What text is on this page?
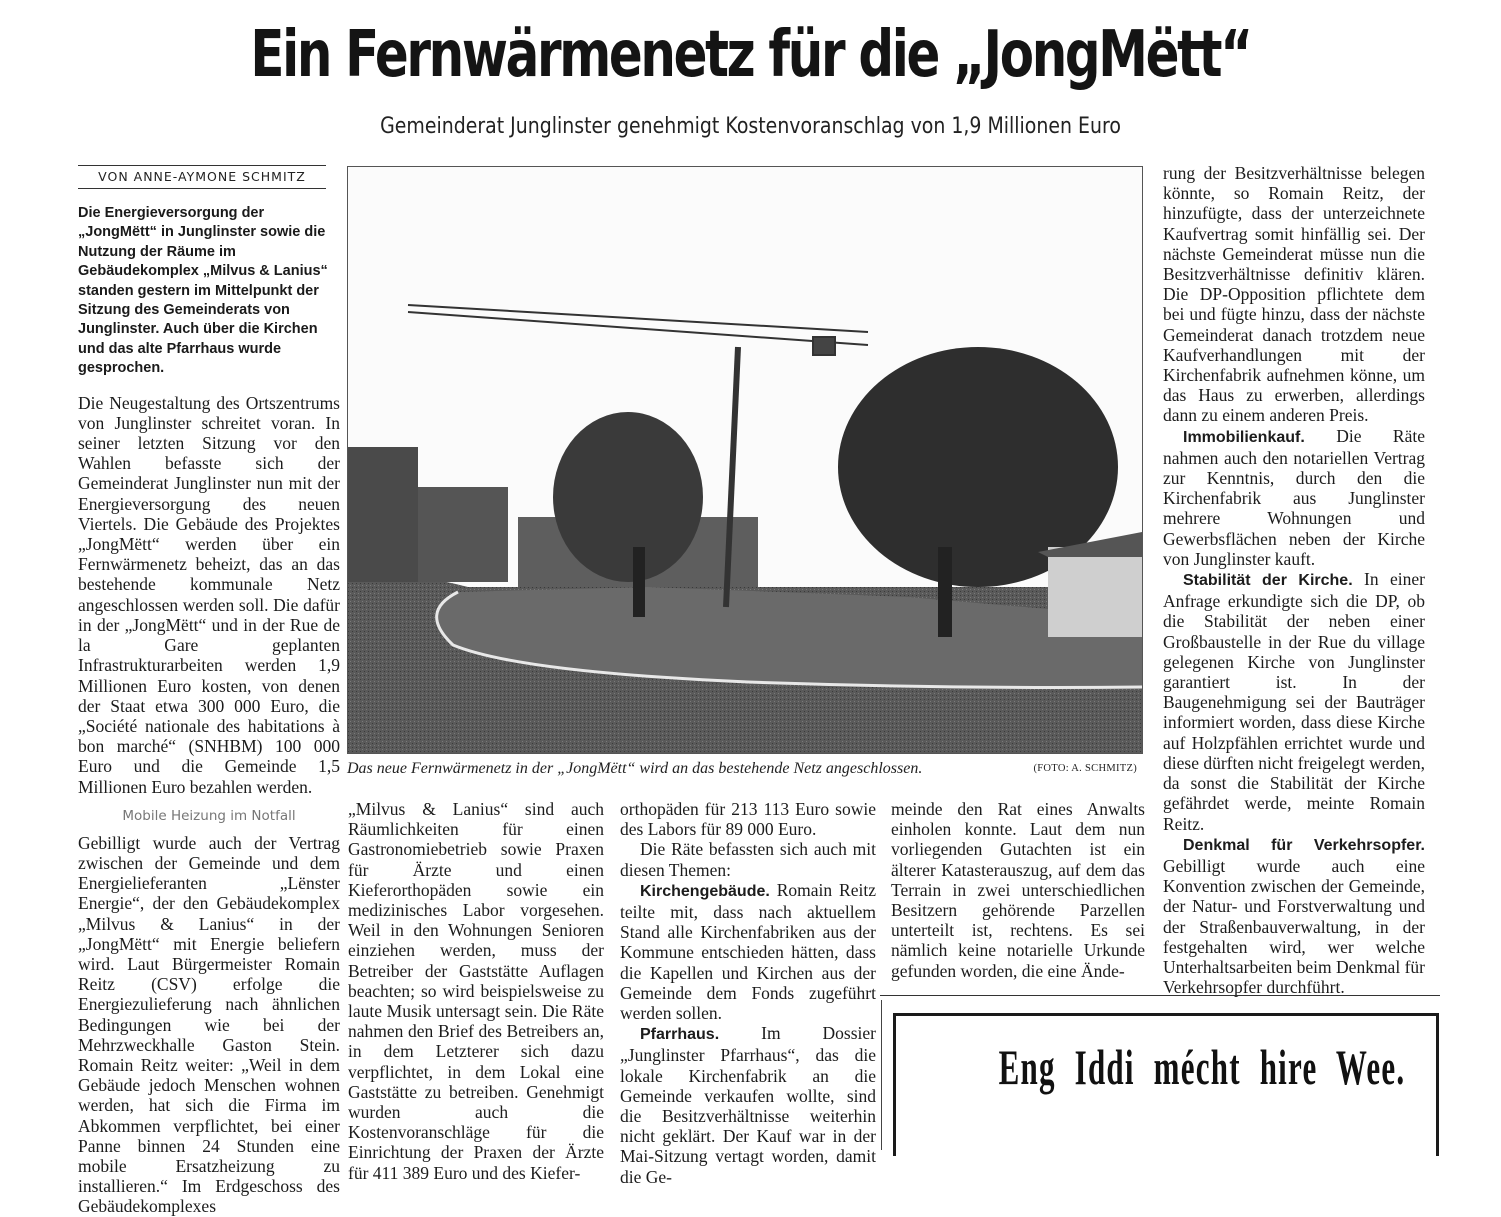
Ein Fernwärmenetz für die „JongMëtt“
Gemeinderat Junglinster genehmigt Kostenvoranschlag von 1,9 Millionen Euro
VON ANNE-AYMONE SCHMITZ

Die Energieversorgung der „JongMëtt“ in Junglinster sowie die Nutzung der Räume im Gebäudekomplex „Milvus & Lanius“ standen gestern im Mittelpunkt der Sitzung des Gemeinderats von Junglinster. Auch über die Kirchen und das alte Pfarrhaus wurde gesprochen.

Die Neugestaltung des Ortszentrums von Junglinster schreitet voran. In seiner letzten Sitzung vor den Wahlen befasste sich der Gemeinderat Junglinster nun mit der Energieversorgung des neuen Viertels. Die Gebäude des Projektes „JongMëtt“ werden über ein Fernwärmenetz beheizt, das an das bestehende kommunale Netz angeschlossen werden soll. Die dafür in der „JongMëtt“ und in der Rue de la Gare geplanten Infrastrukturarbeiten werden 1,9 Millionen Euro kosten, von denen der Staat etwa 300 000 Euro, die „Société nationale des habitations à bon marché“ (SNHBM) 100 000 Euro und die Gemeinde 1,5 Millionen Euro bezahlen werden.

Mobile Heizung im Notfall

Gebilligt wurde auch der Vertrag zwischen der Gemeinde und dem Energielieferanten „Lënster Energie“, der den Gebäudekomplex „Milvus & Lanius“ in der „JongMëtt“ mit Energie beliefern wird. Laut Bürgermeister Romain Reitz (CSV) erfolge die Energiezulieferung nach ähnlichen Bedingungen wie bei der Mehrzweckhalle Gaston Stein. Romain Reitz weiter: „Weil in dem Gebäude jedoch Menschen wohnen werden, hat sich die Firma im Abkommen verpflichtet, bei einer Panne binnen 24 Stunden eine mobile Ersatzheizung zu installieren.“ Im Erdgeschoss des Gebäudekomplexes

Das neue Fernwärmenetz in der „JongMëtt“ wird an das bestehende Netz angeschlossen.	(FOTO: A. SCHMITZ)

„Milvus & Lanius“ sind auch Räumlichkeiten für einen Gastronomiebetrieb sowie Praxen für Ärzte und einen Kieferorthopäden sowie ein medizinisches Labor vorgesehen. Weil in den Wohnungen Senioren einziehen werden, muss der Betreiber der Gaststätte Auflagen beachten; so wird beispielsweise zu laute Musik untersagt sein. Die Räte nahmen den Brief des Betreibers an, in dem Letzterer sich dazu verpflichtet, in dem Lokal eine Gaststätte zu betreiben. Genehmigt wurden auch die Kostenvoranschläge für die Einrichtung der Praxen der Ärzte für 411 389 Euro und des Kiefer-

orthopäden für 213 113 Euro sowie des Labors für 89 000 Euro.

Die Räte befassten sich auch mit diesen Themen:

Kirchengebäude. Romain Reitz teilte mit, dass nach aktuellem Stand alle Kirchenfabriken aus der Kommune entschieden hätten, dass die Kapellen und Kirchen aus der Gemeinde dem Fonds zugeführt werden sollen.

Pfarrhaus. Im Dossier „Junglinster Pfarrhaus“, das die lokale Kirchenfabrik an die Gemeinde verkaufen wollte, sind die Besitzverhältnisse weiterhin nicht geklärt. Der Kauf war in der Mai-Sitzung vertagt worden, damit die Ge-

meinde den Rat eines Anwalts einholen konnte. Laut dem nun vorliegenden Gutachten ist ein älterer Katasterauszug, auf dem das Terrain in zwei unterschiedlichen Besitzern gehörende Parzellen unterteilt ist, rechtens. Es sei nämlich keine notarielle Urkunde gefunden worden, die eine Ände-

rung der Besitzverhältnisse belegen könnte, so Romain Reitz, der hinzufügte, dass der unterzeichnete Kaufvertrag somit hinfällig sei. Der nächste Gemeinderat müsse nun die Besitzverhältnisse definitiv klären. Die DP-Opposition pflichtete dem bei und fügte hinzu, dass der nächste Gemeinderat danach trotzdem neue Kaufverhandlungen mit der Kirchenfabrik aufnehmen könne, um das Haus zu erwerben, allerdings dann zu einem anderen Preis.

Immobilienkauf. Die Räte nahmen auch den notariellen Vertrag zur Kenntnis, durch den die Kirchenfabrik aus Junglinster mehrere Wohnungen und Gewerbsflächen neben der Kirche von Junglinster kauft.

Stabilität der Kirche. In einer Anfrage erkundigte sich die DP, ob die Stabilität der neben einer Großbaustelle in der Rue du village gelegenen Kirche von Junglinster garantiert ist. In der Baugenehmigung sei der Bauträger informiert worden, dass diese Kirche auf Holzpfählen errichtet wurde und diese dürften nicht freigelegt werden, da sonst die Stabilität der Kirche gefährdet werde, meinte Romain Reitz.

Denkmal für Verkehrsopfer. Gebilligt wurde auch eine Konvention zwischen der Gemeinde, der Natur- und Forstverwaltung und der Straßenbauverwaltung, in der festgehalten wird, wer welche Unterhaltsarbeiten beim Denkmal für Verkehrsopfer durchführt.

Eng Iddi mécht hire Wee.
